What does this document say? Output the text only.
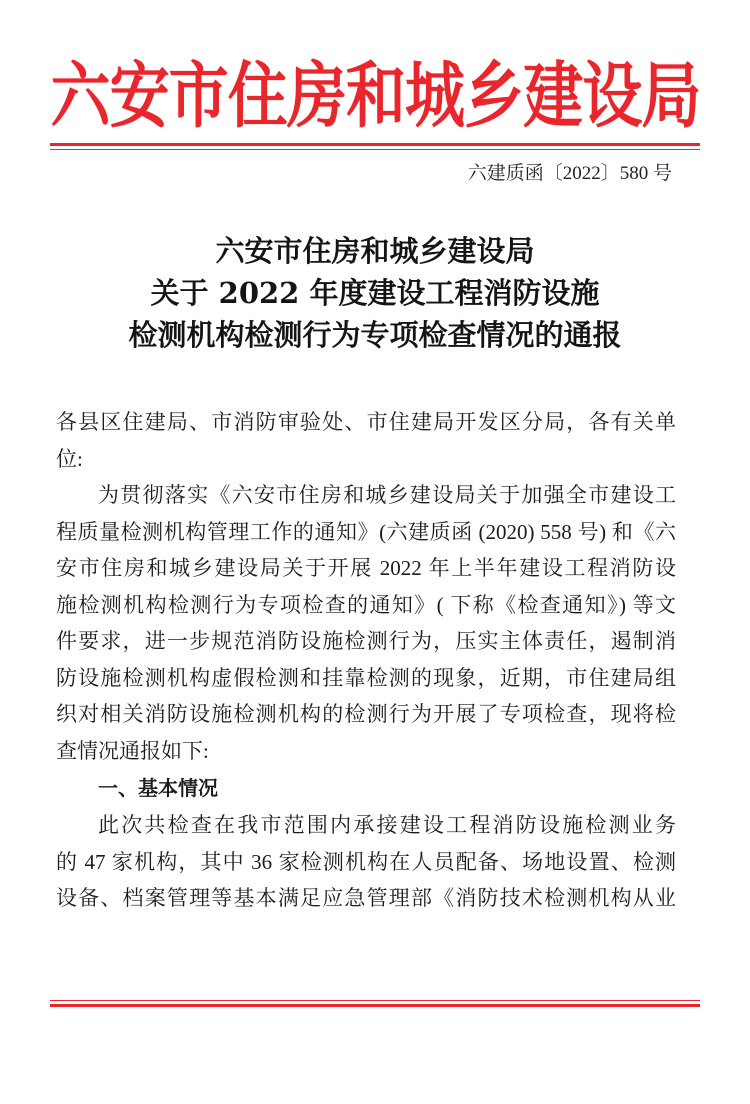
六安市住房和城乡建设局
六建质函〔2022〕580 号
六安市住房和城乡建设局
关于 2022 年度建设工程消防设施
检测机构检测行为专项检查情况的通报
各县区住建局、市消防审验处、市住建局开发区分局，各有关单
位:
为贯彻落实《六安市住房和城乡建设局关于加强全市建设工
程质量检测机构管理工作的通知》(六建质函 (2020) 558 号) 和《六
安市住房和城乡建设局关于开展 2022 年上半年建设工程消防设
施检测机构检测行为专项检查的通知》( 下称《检查通知》) 等文
件要求，进一步规范消防设施检测行为，压实主体责任，遏制消
防设施检测机构虚假检测和挂靠检测的现象，近期，市住建局组
织对相关消防设施检测机构的检测行为开展了专项检查，现将检
查情况通报如下:
一、基本情况
此次共检查在我市范围内承接建设工程消防设施检测业务
的 47 家机构，其中 36 家检测机构在人员配备、场地设置、检测
设备、档案管理等基本满足应急管理部《消防技术检测机构从业
